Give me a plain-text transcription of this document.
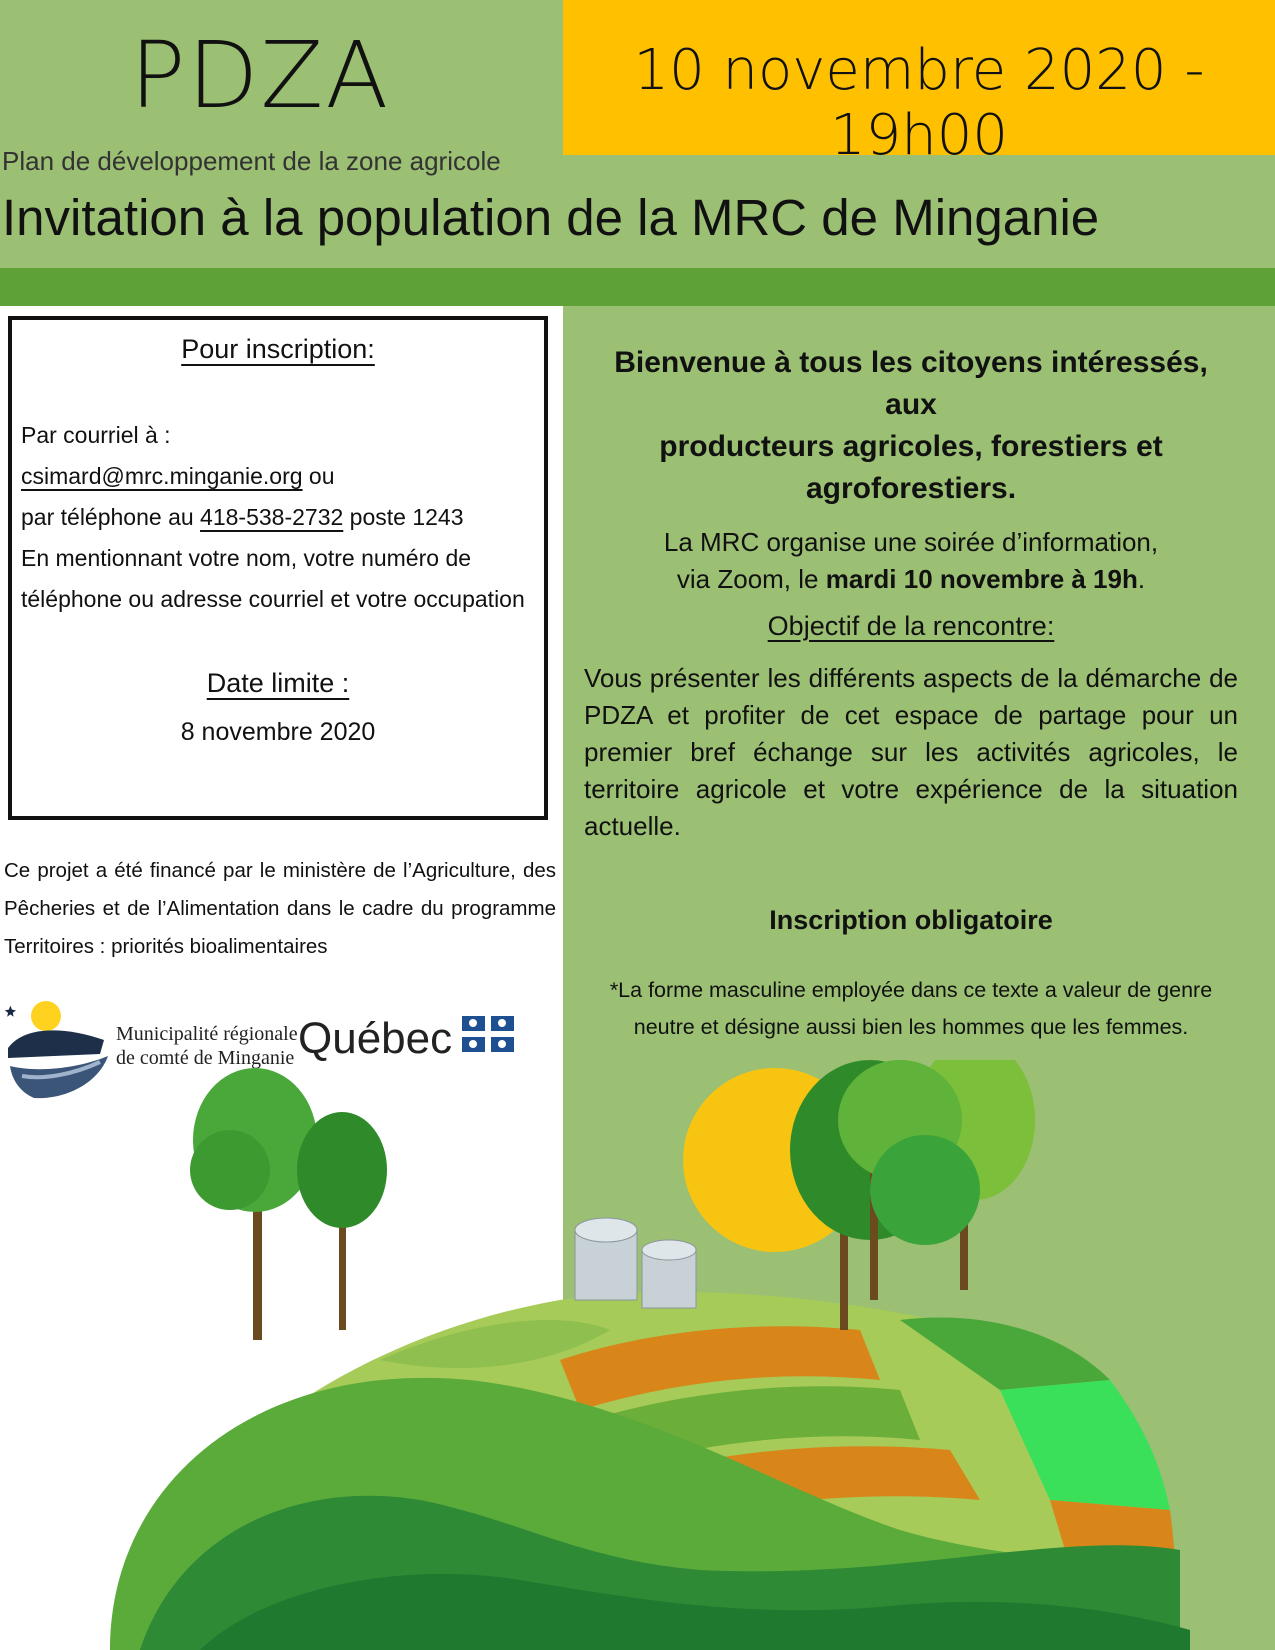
10 novembre 2020 - 19h00
PDZA
Plan de développement de la zone agricole
Invitation à la population de la MRC de Minganie
Pour inscription:
Par courriel à :
csimard@mrc.minganie.org ou
par téléphone au 418-538-2732 poste 1243
En mentionnant votre nom, votre numéro de
téléphone ou adresse courriel et votre occupation
Date limite :
8 novembre 2020
Ce projet a été financé par le ministère de l’Agriculture, des Pêcheries et de l’Alimentation dans le cadre du programme Territoires : priorités bioalimentaires
Municipalité régionale
de comté de Minganie Québec
Bienvenue à tous les citoyens intéressés,
aux
producteurs agricoles, forestiers et
agroforestiers.
La MRC organise une soirée d’information,
via Zoom, le mardi 10 novembre à 19h.
Objectif de la rencontre:
Vous présenter les différents aspects de la démarche de PDZA et profiter de cet espace de partage pour un premier bref échange sur les activités agricoles, le territoire agricole et votre expérience de la situation actuelle.
Inscription obligatoire
*La forme masculine employée dans ce texte a valeur de genre
neutre et désigne aussi bien les hommes que les femmes.
